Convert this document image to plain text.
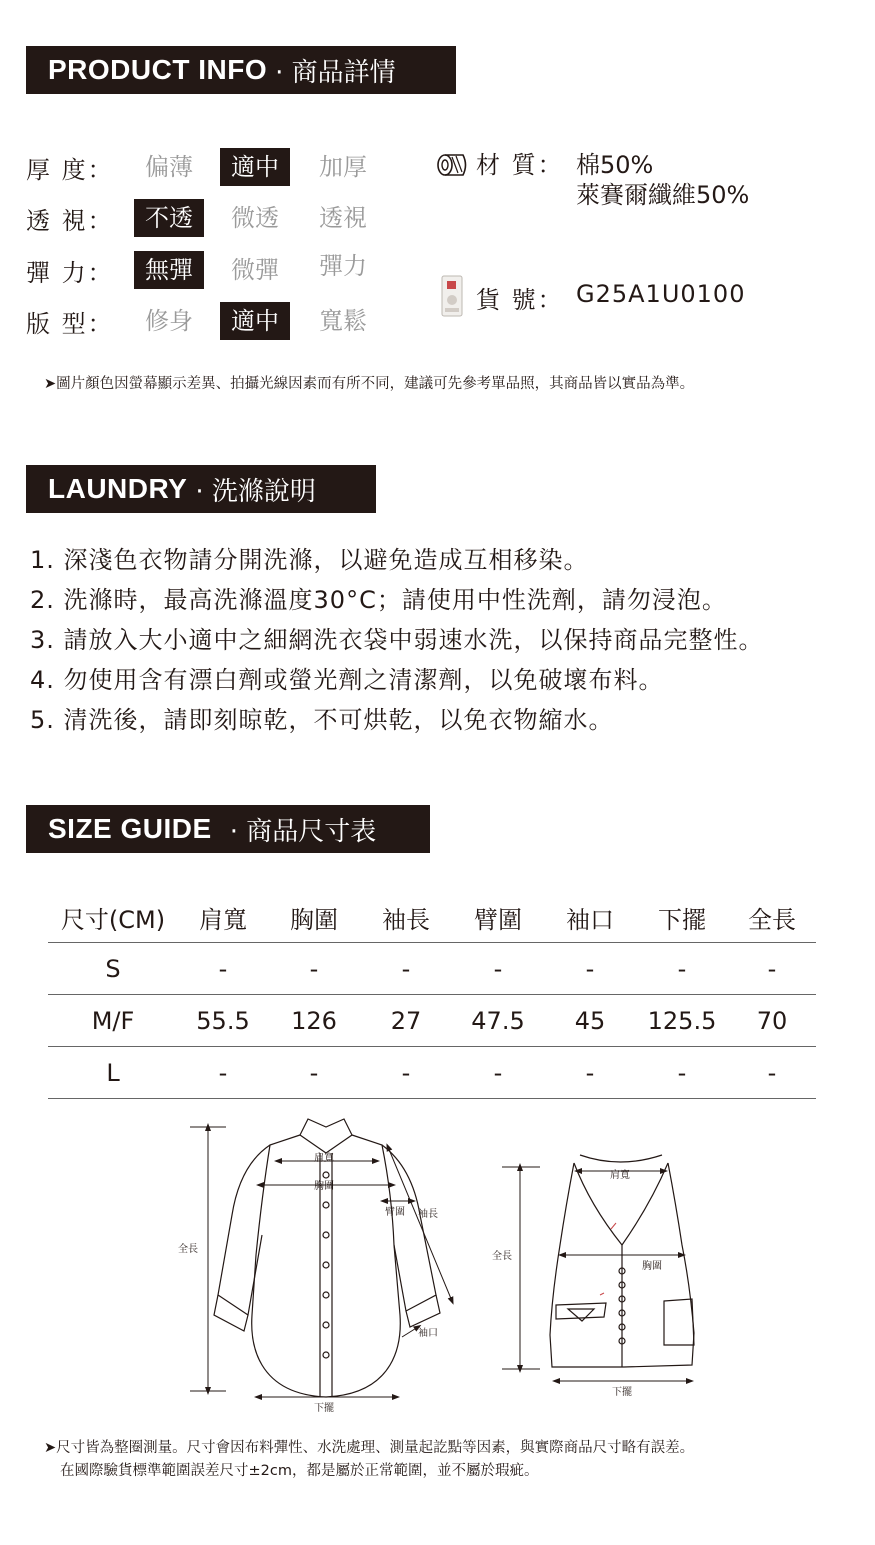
PRODUCT INFO · 商品詳情
厚 度：	偏薄	適中	加厚
透 視：	不透	微透	透視
彈 力：	無彈	微彈	彈力
版 型：	修身	適中	寬鬆
材 質： 棉50%
萊賽爾纖維50%
貨 號： G25A1U0100
➤圖片顏色因螢幕顯示差異、拍攝光線因素而有所不同，建議可先參考單品照，其商品皆以實品為準。
LAUNDRY · 洗滌說明
1. 深淺色衣物請分開洗滌，以避免造成互相移染。
2. 洗滌時，最高洗滌溫度30°C；請使用中性洗劑，請勿浸泡。
3. 請放入大小適中之細網洗衣袋中弱速水洗，以保持商品完整性。
4. 勿使用含有漂白劑或螢光劑之清潔劑，以免破壞布料。
5. 清洗後，請即刻晾乾，不可烘乾，以免衣物縮水。
SIZE GUIDE · 商品尺寸表
尺寸(CM)	肩寬	胸圍	袖長	臂圍	袖口	下擺	全長
S	-	-	-	-	-	-	-
M/F	55.5	126	27	47.5	45	125.5	70
L	-	-	-	-	-	-	-
肩寬
胸圍
臂圍 袖長
全長
袖口
下擺
肩寬
胸圍
全長
下擺
➤尺寸皆為整圈測量。尺寸會因布料彈性、水洗處理、測量起訖點等因素，與實際商品尺寸略有誤差。
在國際驗貨標準範圍誤差尺寸±2cm，都是屬於正常範圍，並不屬於瑕疵。
